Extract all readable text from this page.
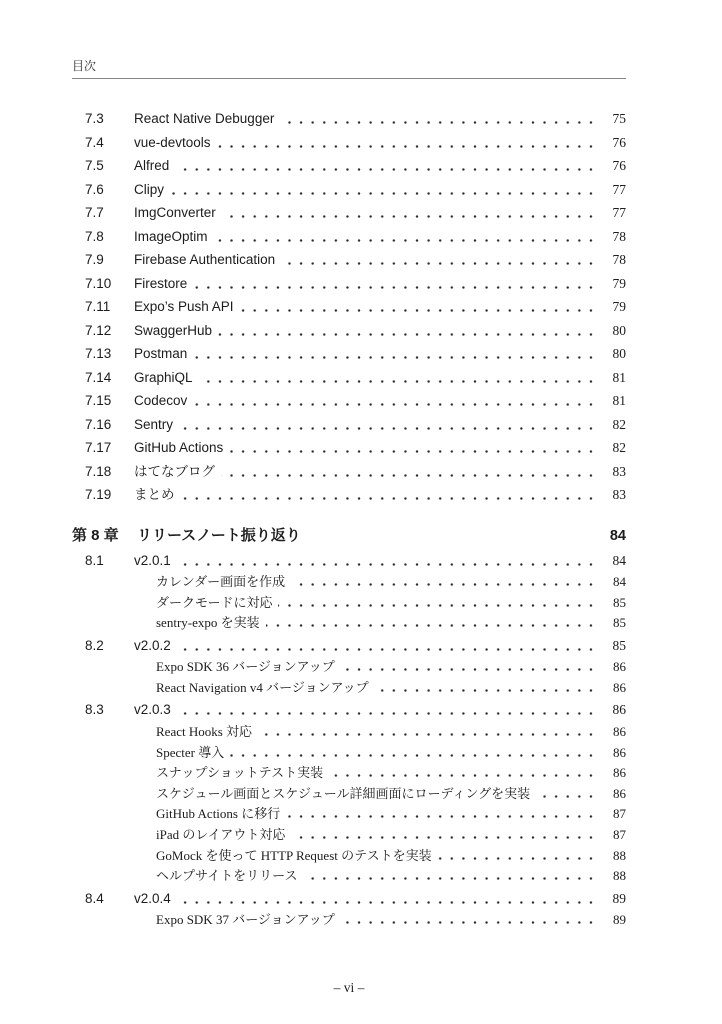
目次
7.3	React Native Debugger	75
7.4	vue-devtools	76
7.5	Alfred	76
7.6	Clipy	77
7.7	ImgConverter	77
7.8	ImageOptim	78
7.9	Firebase Authentication	78
7.10	Firestore	79
7.11	Expo’s Push API	79
7.12	SwaggerHub	80
7.13	Postman	80
7.14	GraphiQL	81
7.15	Codecov	81
7.16	Sentry	82
7.17	GitHub Actions	82
7.18	はてなブログ	83
7.19	まとめ	83
第 8 章	リリースノート振り返り	84
8.1	v2.0.1	84
カレンダー画面を作成	84
ダークモードに対応	85
sentry-expo を実装	85
8.2	v2.0.2	85
Expo SDK 36 バージョンアップ	86
React Navigation v4 バージョンアップ	86
8.3	v2.0.3	86
React Hooks 対応	86
Specter 導入	86
スナップショットテスト実装	86
スケジュール画面とスケジュール詳細画面にローディングを実装	86
GitHub Actions に移行	87
iPad のレイアウト対応	87
GoMock を使って HTTP Request のテストを実装	88
ヘルプサイトをリリース	88
8.4	v2.0.4	89
Expo SDK 37 バージョンアップ	89
– vi –
